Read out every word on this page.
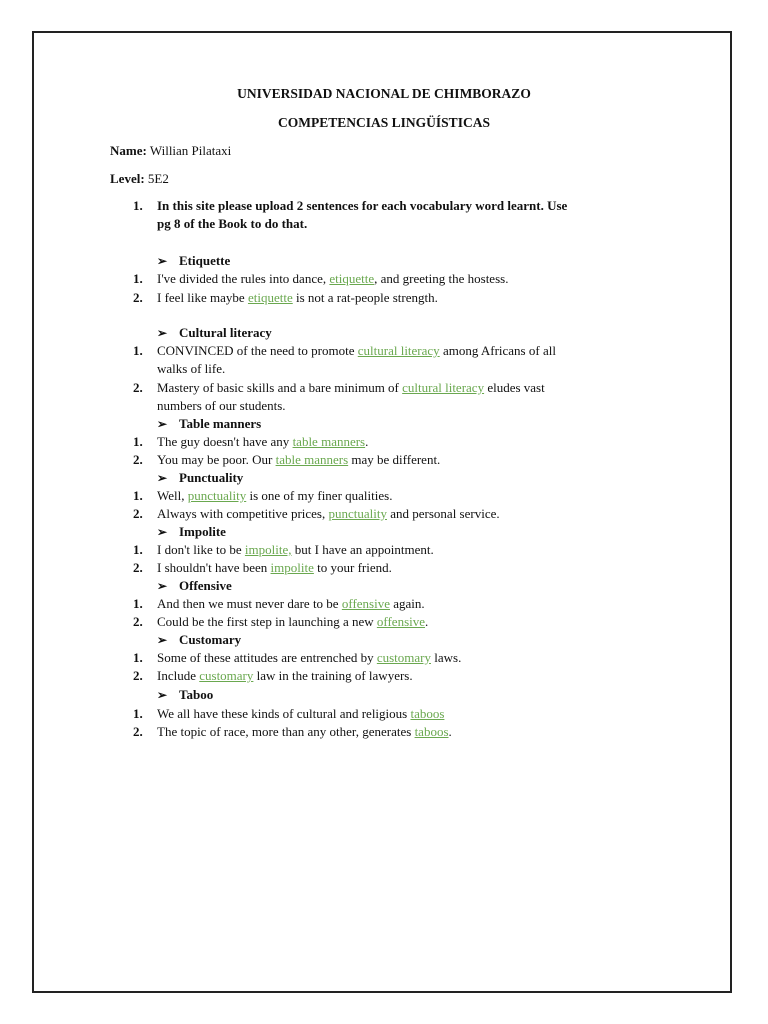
UNIVERSIDAD NACIONAL DE CHIMBORAZO
COMPETENCIAS LINGÜÍSTICAS
Name: Willian Pilataxi
Level: 5E2
1. In this site please upload 2 sentences for each vocabulary word learnt. Use
pg 8 of the Book to do that.
➢ Etiquette
1. I've divided the rules into dance, etiquette, and greeting the hostess.
2. I feel like maybe etiquette is not a rat-people strength.
➢ Cultural literacy
1. CONVINCED of the need to promote cultural literacy among Africans of all
walks of life.
2. Mastery of basic skills and a bare minimum of cultural literacy eludes vast
numbers of our students.
➢ Table manners
1. The guy doesn't have any table manners.
2. You may be poor. Our table manners may be different.
➢ Punctuality
1. Well, punctuality is one of my finer qualities.
2. Always with competitive prices, punctuality and personal service.
➢ Impolite
1. I don't like to be impolite, but I have an appointment.
2. I shouldn't have been impolite to your friend.
➢ Offensive
1. And then we must never dare to be offensive again.
2. Could be the first step in launching a new offensive.
➢ Customary
1. Some of these attitudes are entrenched by customary laws.
2. Include customary law in the training of lawyers.
➢ Taboo
1. We all have these kinds of cultural and religious taboos
2. The topic of race, more than any other, generates taboos.
